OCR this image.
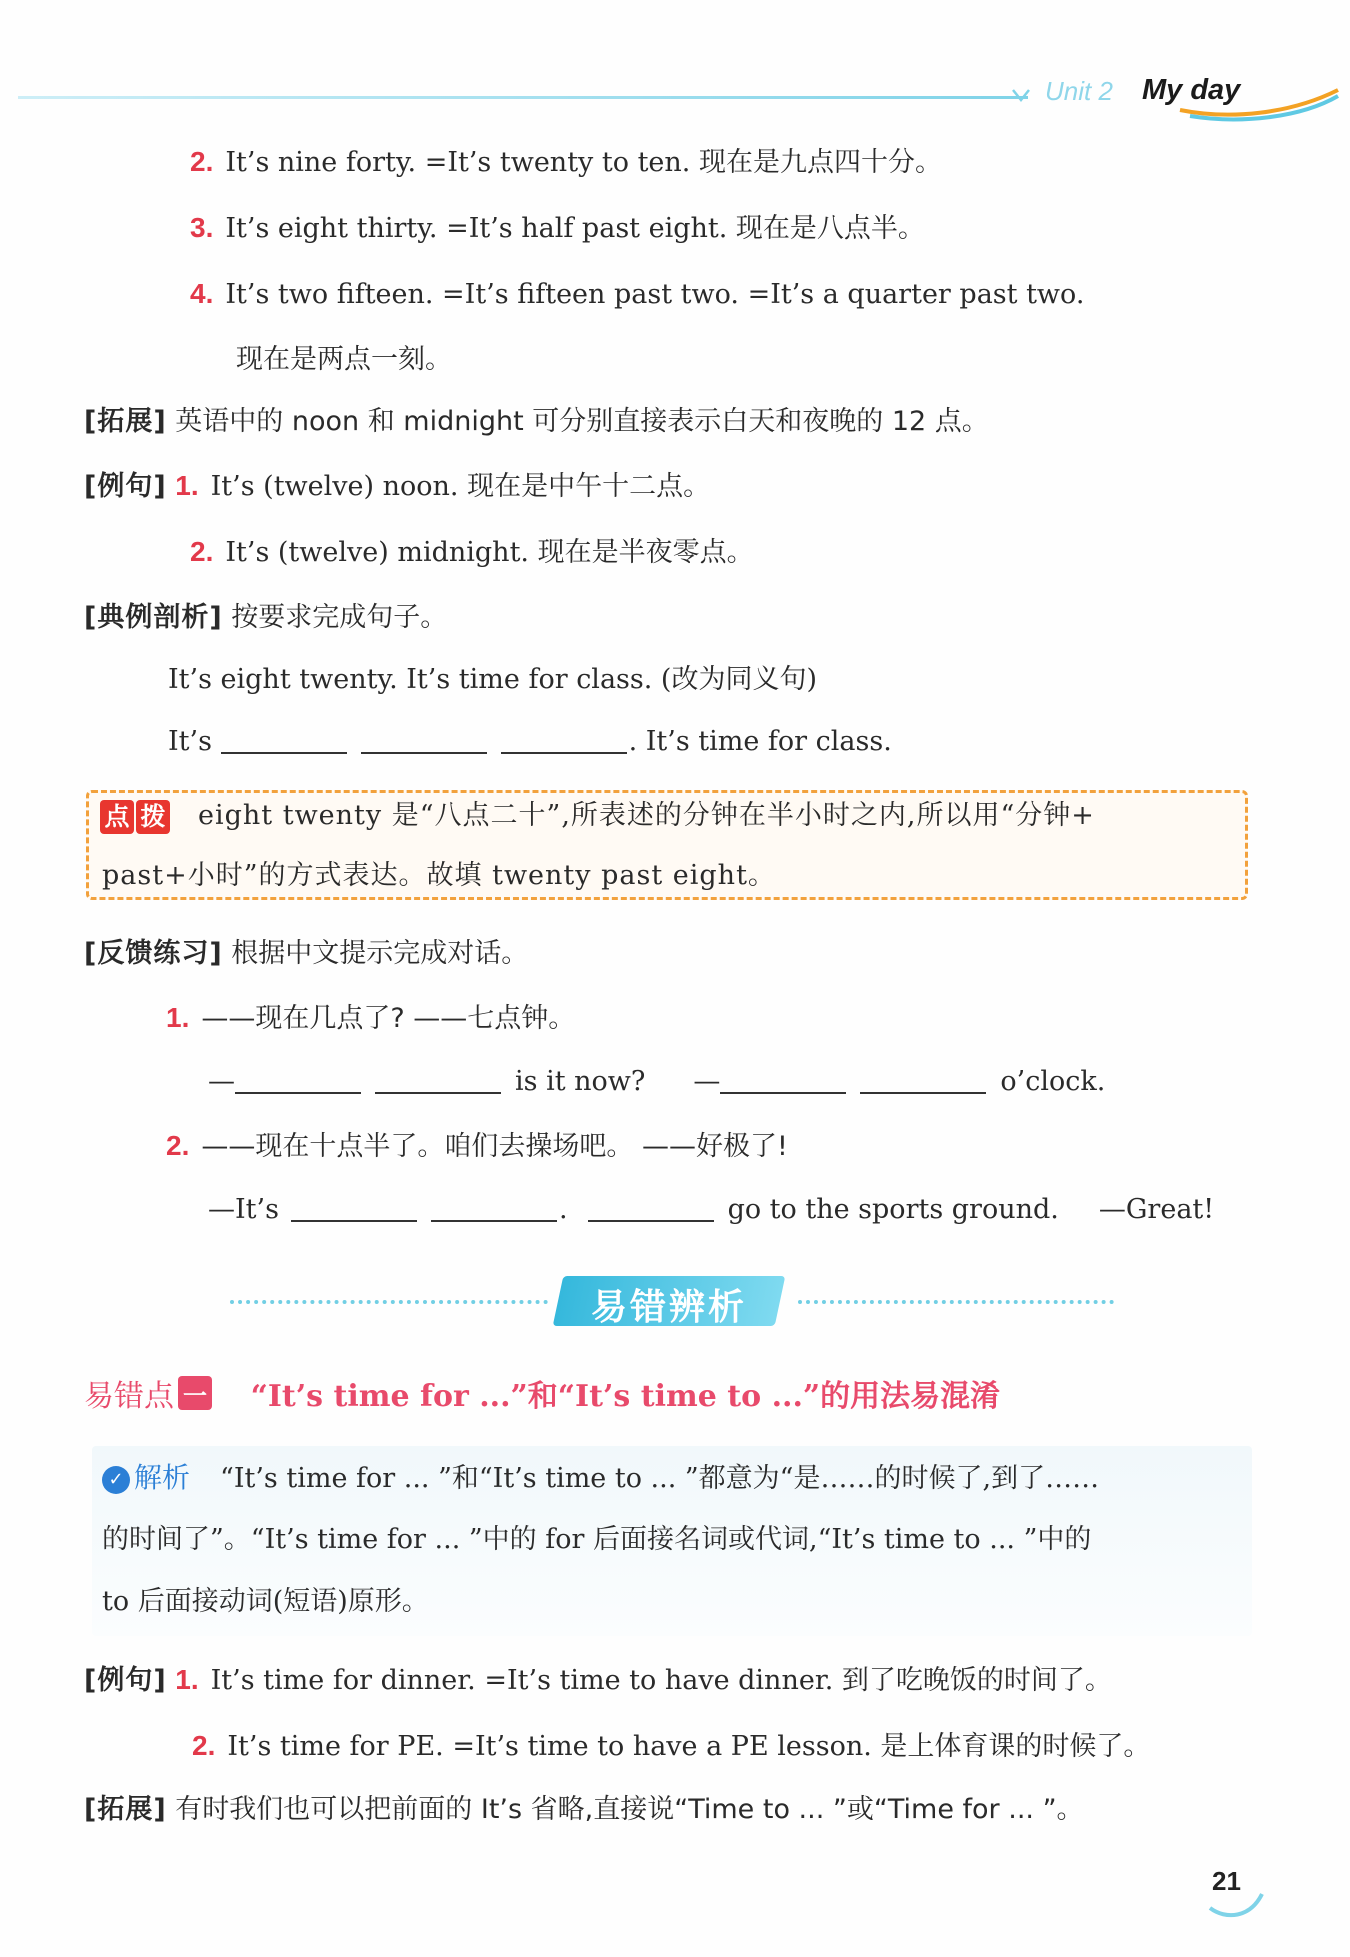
Unit 2 My day
2. It’s nine forty. =It’s twenty to ten. 现在是九点四十分。
3. It’s eight thirty. =It’s half past eight. 现在是八点半。
4. It’s two fifteen. =It’s fifteen past two. =It’s a quarter past two.
现在是两点一刻。
[拓展] 英语中的 noon 和 midnight 可分别直接表示白天和夜晚的 12 点。
[例句] 1. It’s (twelve) noon. 现在是中午十二点。
2. It’s (twelve) midnight. 现在是半夜零点。
[典例剖析] 按要求完成句子。
It’s eight twenty. It’s time for class. (改为同义句)
It’s	. It’s time for class.
点 拨 eight twenty 是“八点二十”,所表述的分钟在半小时之内,所以用“分钟+
past+小时”的方式表达。故填 twenty past eight。
[反馈练习] 根据中文提示完成对话。
1. ——现在几点了? ——七点钟。
—	is it now? —	o’clock.
2. ——现在十点半了。咱们去操场吧。 ——好极了!
—It’s	.	go to the sports ground. —Great!
易错辨析
易错点 一 “It’s time for ...”和“It’s time to ...”的用法易混淆
✓ 解析 “It’s time for ... ”和“It’s time to ... ”都意为“是……的时候了,到了……
的时间了”。“It’s time for ... ”中的 for 后面接名词或代词,“It’s time to ... ”中的
to 后面接动词(短语)原形。
[例句] 1. It’s time for dinner. =It’s time to have dinner. 到了吃晚饭的时间了。
2. It’s time for PE. =It’s time to have a PE lesson. 是上体育课的时候了。
[拓展] 有时我们也可以把前面的 It’s 省略,直接说“Time to ... ”或“Time for ... ”。
21
